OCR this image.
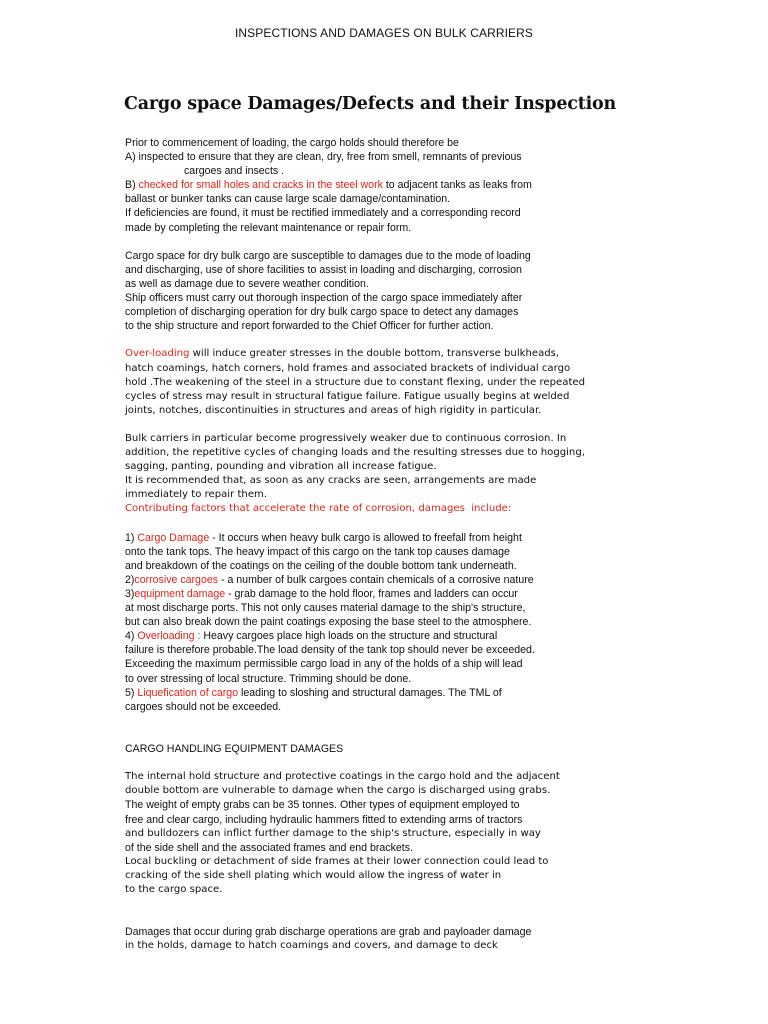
INSPECTIONS AND DAMAGES ON BULK CARRIERS
Cargo space Damages/Defects and their Inspection
Prior to commencement of loading, the cargo holds should therefore be
A) inspected to ensure that they are clean, dry, free from smell, remnants of previous
cargoes and insects .
B) checked for small holes and cracks in the steel work to adjacent tanks as leaks from
ballast or bunker tanks can cause large scale damage/contamination.
If deficiencies are found, it must be rectified immediately and a corresponding record
made by completing the relevant maintenance or repair form.
Cargo space for dry bulk cargo are susceptible to damages due to the mode of loading
and discharging, use of shore facilities to assist in loading and discharging, corrosion
as well as damage due to severe weather condition.
Ship officers must carry out thorough inspection of the cargo space immediately after
completion of discharging operation for dry bulk cargo space to detect any damages
to the ship structure and report forwarded to the Chief Officer for further action.
Over-loading will induce greater stresses in the double bottom, transverse bulkheads,
hatch coamings, hatch corners, hold frames and associated brackets of individual cargo
hold .The weakening of the steel in a structure due to constant flexing, under the repeated
cycles of stress may result in structural fatigue failure. Fatigue usually begins at welded
joints, notches, discontinuities in structures and areas of high rigidity in particular.
Bulk carriers in particular become progressively weaker due to continuous corrosion. In
addition, the repetitive cycles of changing loads and the resulting stresses due to hogging,
sagging, panting, pounding and vibration all increase fatigue.
It is recommended that, as soon as any cracks are seen, arrangements are made
immediately to repair them.
Contributing factors that accelerate the rate of corrosion, damages  include:
1) Cargo Damage - It occurs when heavy bulk cargo is allowed to freefall from height
onto the tank tops. The heavy impact of this cargo on the tank top causes damage
and breakdown of the coatings on the ceiling of the double bottom tank underneath.
2)corrosive cargoes - a number of bulk cargoes contain chemicals of a corrosive nature
3)equipment damage - grab damage to the hold floor, frames and ladders can occur
at most discharge ports. This not only causes material damage to the ship's structure,
but can also break down the paint coatings exposing the base steel to the atmosphere.
4) Overloading : Heavy cargoes place high loads on the structure and structural
failure is therefore probable.The load density of the tank top should never be exceeded.
Exceeding the maximum permissible cargo load in any of the holds of a ship will lead
to over stressing of local structure. Trimming should be done.
5) Liquefication of cargo leading to sloshing and structural damages. The TML of
cargoes should not be exceeded.
CARGO HANDLING EQUIPMENT DAMAGES
The internal hold structure and protective coatings in the cargo hold and the adjacent
double bottom are vulnerable to damage when the cargo is discharged using grabs.
The weight of empty grabs can be 35 tonnes. Other types of equipment employed to
free and clear cargo, including hydraulic hammers fitted to extending arms of tractors
and bulldozers can inflict further damage to the ship's structure, especially in way
of the side shell and the associated frames and end brackets.
Local buckling or detachment of side frames at their lower connection could lead to
cracking of the side shell plating which would allow the ingress of water in
to the cargo space.
Damages that occur during grab discharge operations are grab and payloader damage
in the holds, damage to hatch coamings and covers, and damage to deck
